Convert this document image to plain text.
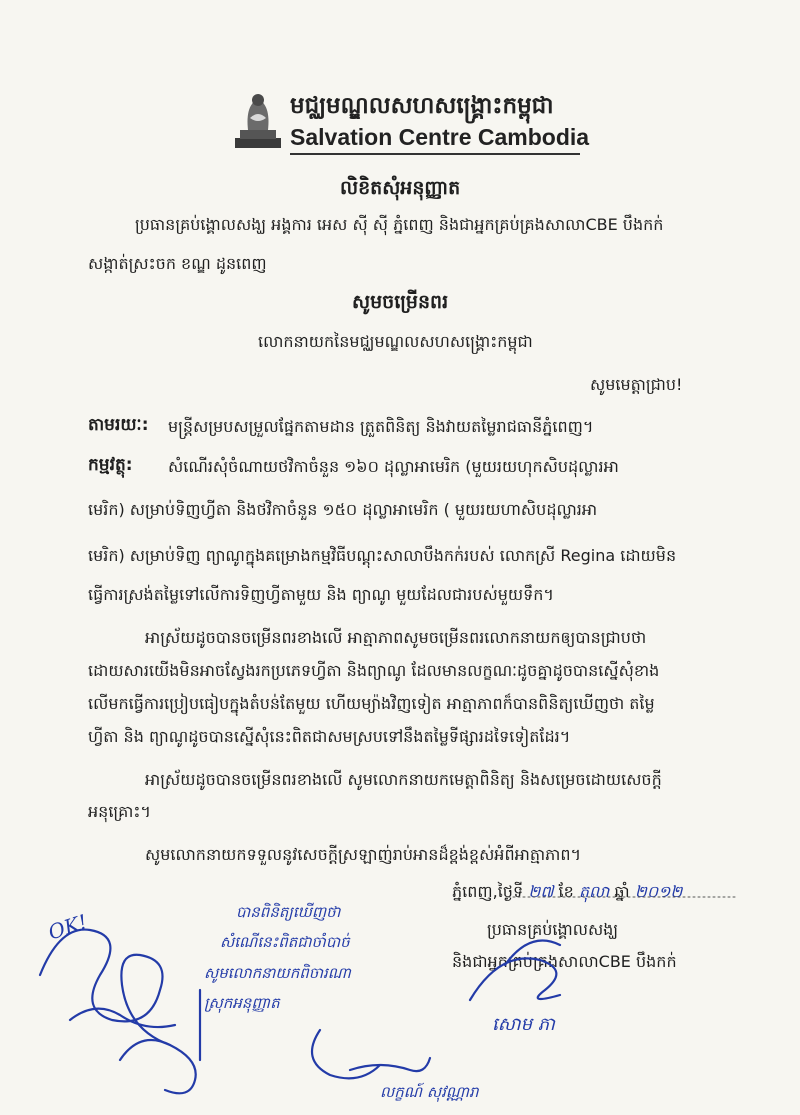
មជ្ឈមណ្ឌលសហសង្គ្រោះកម្ពុជា
Salvation Centre Cambodia
លិខិតសុំអនុញ្ញាត
ប្រធានគ្រប់ង្គោលសង្ឃ អង្គការ អេស ស៊ី ស៊ី ភ្នំពេញ និងជាអ្នកគ្រប់គ្រងសាលាCBE បឹងកក់
សង្កាត់ស្រះចក ខណ្ឌ ដូនពេញ
សូមចម្រើនពរ
លោកនាយកនៃមជ្ឈមណ្ឌលសហសង្គ្រោះកម្ពុជា
សូមមេត្តាជ្រាប!
តាមរយៈ: មន្ត្រីសម្របសម្រួលផ្នែកតាមដាន ត្រួតពិនិត្យ និងវាយតម្លៃរាជធានីភ្នំពេញ។
កម្មវត្ថុ: សំណើរសុំចំណាយថវិកាចំនួន ១៦០ ដុល្លាអាមេរិក (មួយរយហុកសិបដុល្លារអា
មេរិក) សម្រាប់ទិញហ្វីតា និងថវិកាចំនួន ១៥០ ដុល្លាអាមេរិក ( មួយរយហាសិបដុល្លារអា
មេរិក) សម្រាប់ទិញ ព្យាណូក្នុងគម្រោងកម្មវិធីបណ្តុះសាលាបឹងកក់របស់ លោកស្រី Regina ដោយមិន
ធ្វើការស្រង់តម្លៃទៅលើការទិញហ្វីតាមួយ និង ព្យាណូ មួយដែលជារបស់មួយទឹក។
អាស្រ័យដូចបានចម្រើនពរខាងលើ អាត្មាភាពសូមចម្រើនពរលោកនាយកឲ្យបានជ្រាបថា
ដោយសារយើងមិនអាចស្វែងរកប្រភេទហ្វីតា និងព្យាណូ ដែលមានលក្ខណៈដូចគ្នាដូចបានស្នើសុំខាង
លើមកធ្វើការប្រៀបធៀបក្នុងតំបន់តែមួយ ហើយម្យ៉ាងវិញទៀត អាត្មាភាពក៏បានពិនិត្យឃើញថា តម្លៃ
ហ្វីតា និង ព្យាណូដូចបានស្នើសុំនេះពិតជាសមស្របទៅនឹងតម្លៃទីផ្សារដទៃទៀតដែរ។
អាស្រ័យដូចបានចម្រើនពរខាងលើ សូមលោកនាយកមេត្តាពិនិត្យ និងសម្រេចដោយសេចក្តី
អនុគ្រោះ។
សូមលោកនាយកទទួលនូវសេចក្តីស្រឡាញ់រាប់អានដ៏ខ្ពង់ខ្ពស់អំពីអាត្មាភាព។
ភ្នំពេញ,ថ្ងៃទី ២៧ ខែ តុលា ឆ្នាំ ២០១២
ប្រធានគ្រប់ង្គោលសង្ឃ
និងជាអ្នកគ្រប់គ្រងសាលាCBE បឹងកក់
OK!	បានពិនិត្យឃើញថា
សំណើនេះពិតជាចាំបាច់
សូមលោកនាយកពិចារណា
ស្រុកអនុញ្ញាត
សោម ភា
លក្ខណ៍ សុវណ្ណារា
